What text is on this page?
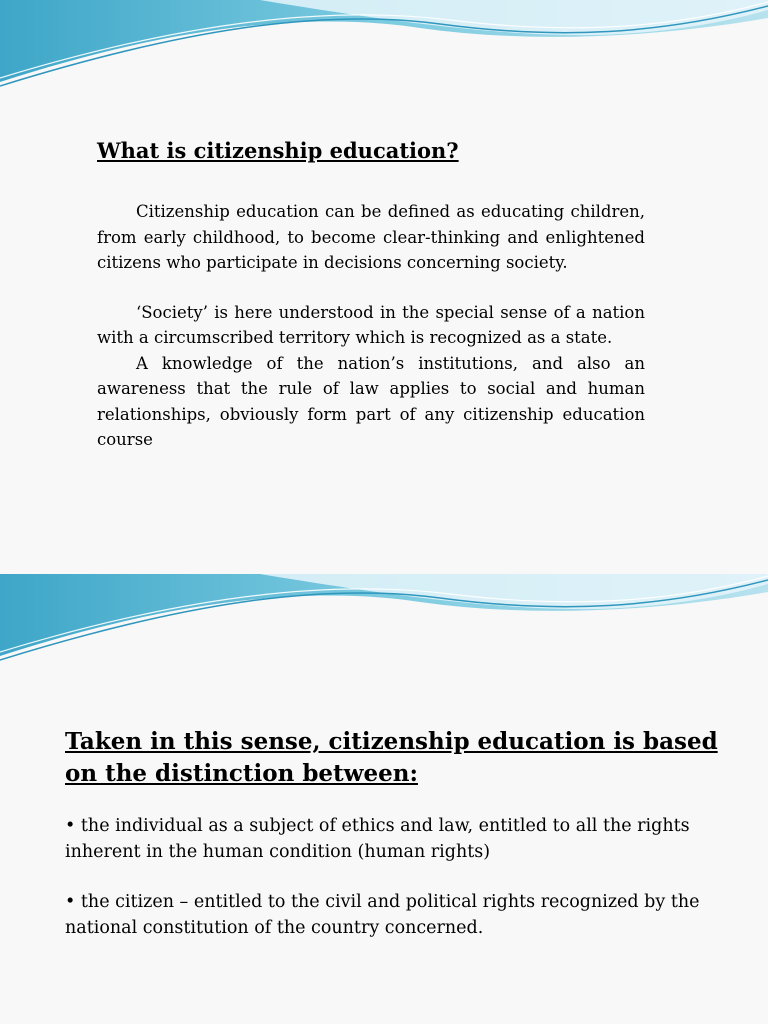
What is citizenship education?

Citizenship education can be defined as educating children, from early childhood, to become clear-thinking and enlightened citizens who participate in decisions concerning society.

‘Society’ is here understood in the special sense of a nation with a circumscribed territory which is recognized as a state.

A knowledge of the nation’s institutions, and also an awareness that the rule of law applies to social and human relationships, obviously form part of any citizenship education course

Taken in this sense, citizenship education is based on the distinction between:

• the individual as a subject of ethics and law, entitled to all the rights inherent in the human condition (human rights)

• the citizen – entitled to the civil and political rights recognized by the national constitution of the country concerned.
